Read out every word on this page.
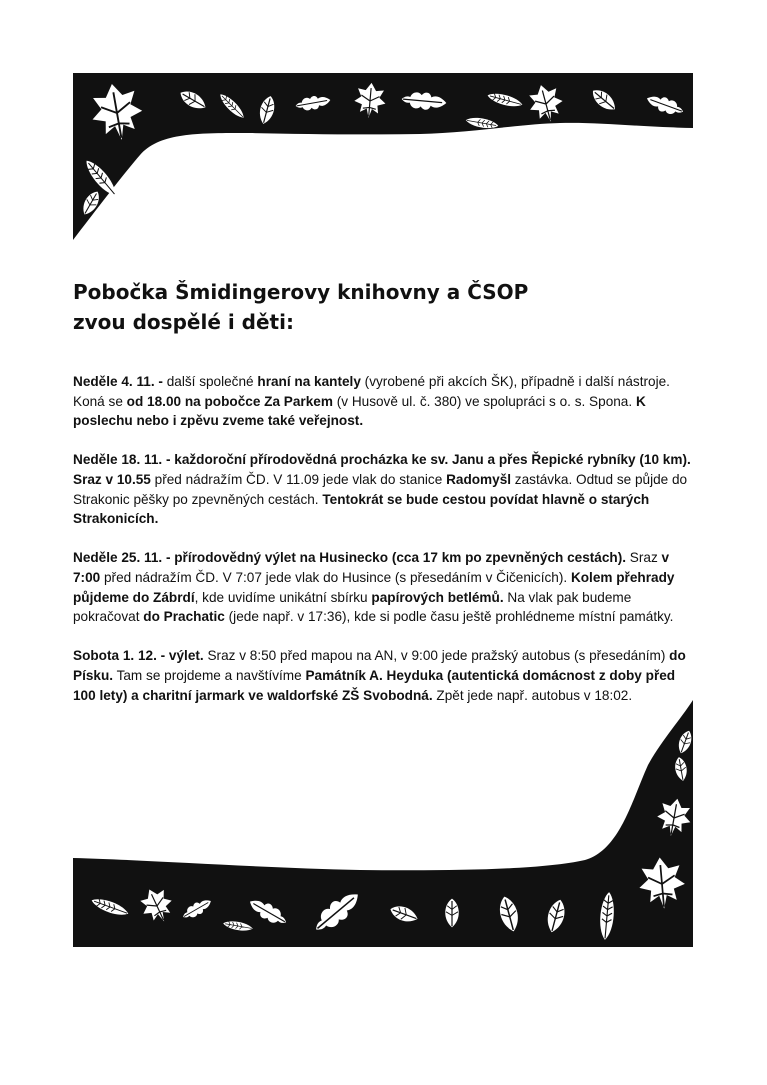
Pobočka Šmidingerovy knihovny a ČSOP
zvou dospělé i děti:

Neděle 4. 11. - další společné hraní na kantely (vyrobené při akcích ŠK), případně i další nástroje. Koná se od 18.00 na pobočce Za Parkem (v Husově ul. č. 380) ve spolupráci s o. s. Spona. K poslechu nebo i zpěvu zveme také veřejnost.

Neděle 18. 11. - každoroční přírodovědná procházka ke sv. Janu a přes Řepické rybníky (10 km). Sraz v 10.55 před nádražím ČD. V 11.09 jede vlak do stanice Radomyšl zastávka. Odtud se půjde do Strakonic pěšky po zpevněných cestách. Tentokrát se bude cestou povídat hlavně o starých Strakonicích.

Neděle 25. 11. - přírodovědný výlet na Husinecko (cca 17 km po zpevněných cestách). Sraz v 7:00 před nádražím ČD. V 7:07 jede vlak do Husince (s přesedáním v Čičenicích). Kolem přehrady půjdeme do Zábrdí, kde uvidíme unikátní sbírku papírových betlémů. Na vlak pak budeme pokračovat do Prachatic (jede např. v 17:36), kde si podle času ještě prohlédneme místní památky.

Sobota 1. 12. - výlet. Sraz v 8:50 před mapou na AN, v 9:00 jede pražský autobus (s přesedáním) do Písku. Tam se projdeme a navštívíme Památník A. Heyduka (autentická domácnost z doby před 100 lety) a charitní jarmark ve waldorfské ZŠ Svobodná. Zpět jede např. autobus v 18:02.
